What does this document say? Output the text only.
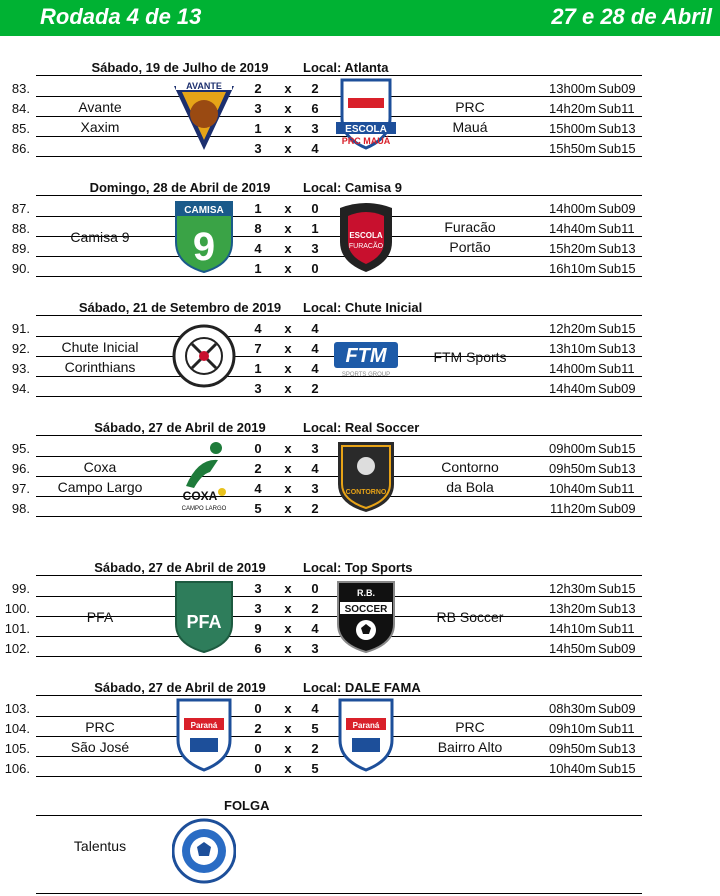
Rodada 4 de 13	27 e 28 de Abril
Sábado, 19 de Julho de 2019	Local: Atlanta
83.	2	x	2	13h00m Sub09
84.	3	x	6	14h20m Sub11
85.	1	x	3	15h00m Sub13
86.	3	x	4	15h50m Sub15
Avante
Xaxim
PRC
Mauá
AVANTE
ESCOLA
PRC MAUÁ
Domingo, 28 de Abril de 2019	Local: Camisa 9
87.	1	x	0	14h00m Sub09
88.	8	x	1	14h40m Sub11
89.	4	x	3	15h20m Sub13
90.	1	x	0	16h10m Sub15
Camisa 9
Furacão
Portão
CAMISA
9	ESCOLA
FURACÃO
Sábado, 21 de Setembro de 2019	Local: Chute Inicial
91.	4	x	4	12h20m Sub15
92.	7	x	4	13h10m Sub13
93.	1	x	4	14h00m Sub11
94.	3	x	2	14h40m Sub09
Chute Inicial
Corinthians
FTM Sports
FTM
SPORTS GROUP
Sábado, 27 de Abril de 2019	Local: Real Soccer
95.	0	x	3	09h00m Sub15
96.	2	x	4	09h50m Sub13
97.	4	x	3	10h40m Sub11
98.	5	x	2	11h20m Sub09
Coxa
Campo Largo
Contorno
da Bola
COXA
CAMPO LARGO
CONTORNO
Sábado, 27 de Abril de 2019	Local: Top Sports
99.	3	x	0	12h30m Sub15
100.	3	x	2	13h20m Sub13
101.	9	x	4	14h10m Sub11
102.	6	x	3	14h50m Sub09
PFA	RB Soccer
PFA
R.B.
SOCCER
Sábado, 27 de Abril de 2019	Local: DALE FAMA
103.	0	x	4	08h30m Sub09
104.	2	x	5	09h10m Sub11
105.	0	x	2	09h50m Sub13
106.	0	x	5	10h40m Sub15
PRC
São José
PRC
Bairro Alto
Paraná	Paraná
FOLGA
Talentus
